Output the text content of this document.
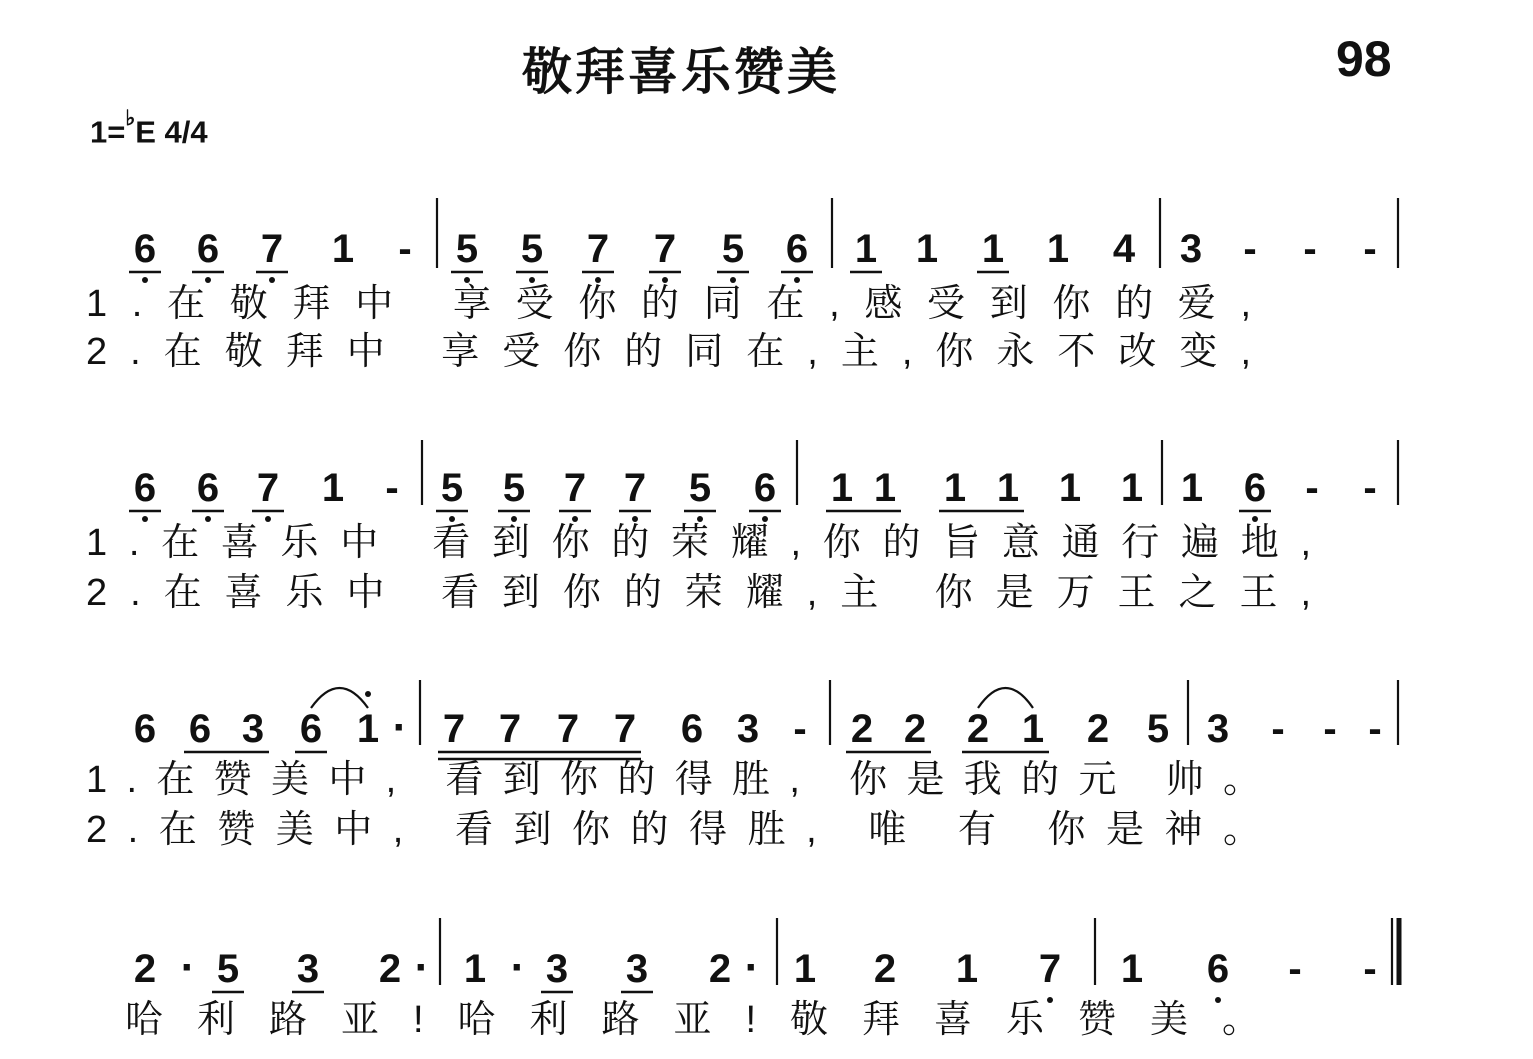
敬拜喜乐赞美	98
1=♭E 4/4
6 6 7 1 - 5 5 7 7 5 6 1 1 1 1 4 3 - - -
1.在敬拜中 享受你的同在,感受到你的爱,
2.在敬拜中 享受你的同在,主,你永不改变,
6 6 7 1 - 5 5 7 7 5 6 1 1 1 1 1 1 1 6 - -
1.在喜乐中 看到你的荣耀,你的旨意通行遍地,
2.在喜乐中 看到你的荣耀,主 你是万王之王,
6 6 3 6 1 · 7 7 7 7 6 3 - 2 2 2 1 2 5 3 - - -
1.在赞美中, 看到你的得胜, 你是我的元 帅。
2.在赞美中, 看到你的得胜, 唯 有 你是神。
2 · 5 3 2 · 1 · 3 3 2 · 1 2 1 7 1 6 - -
哈利路亚!哈利路亚!敬拜喜乐赞美。
